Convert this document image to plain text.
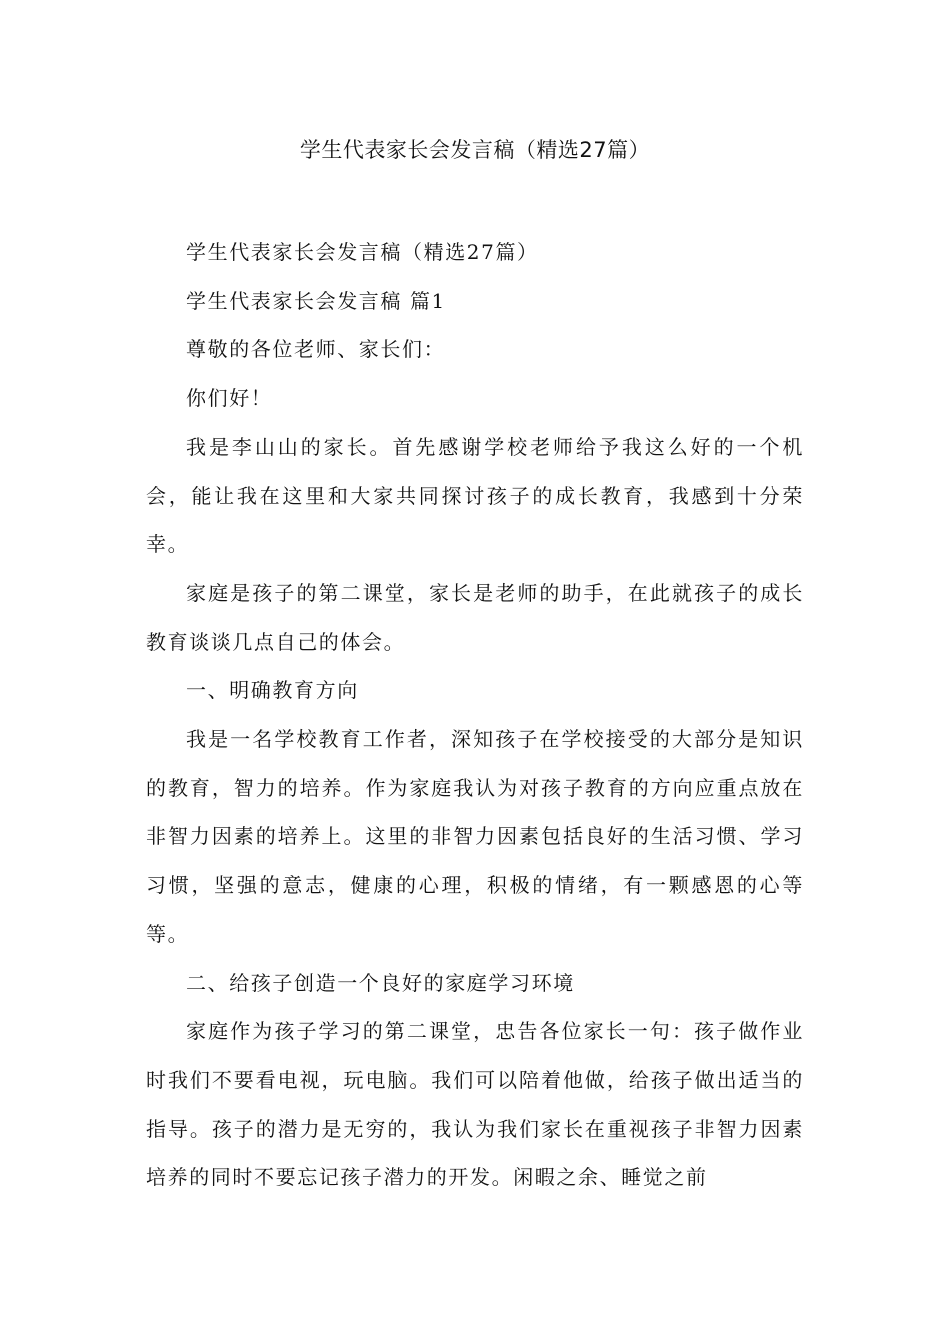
学生代表家长会发言稿（精选27篇）

学生代表家长会发言稿（精选27篇）

学生代表家长会发言稿 篇1

尊敬的各位老师、家长们：

你们好！

我是李山山的家长。首先感谢学校老师给予我这么好的一个机会，能让我在这里和大家共同探讨孩子的成长教育，我感到十分荣幸。

家庭是孩子的第二课堂，家长是老师的助手，在此就孩子的成长教育谈谈几点自己的体会。

一、明确教育方向

我是一名学校教育工作者，深知孩子在学校接受的大部分是知识的教育，智力的培养。作为家庭我认为对孩子教育的方向应重点放在非智力因素的培养上。这里的非智力因素包括良好的生活习惯、学习习惯，坚强的意志，健康的心理，积极的情绪，有一颗感恩的心等等。

二、给孩子创造一个良好的家庭学习环境

家庭作为孩子学习的第二课堂，忠告各位家长一句：孩子做作业时我们不要看电视，玩电脑。我们可以陪着他做，给孩子做出适当的指导。孩子的潜力是无穷的，我认为我们家长在重视孩子非智力因素培养的同时不要忘记孩子潜力的开发。闲暇之余、睡觉之前
